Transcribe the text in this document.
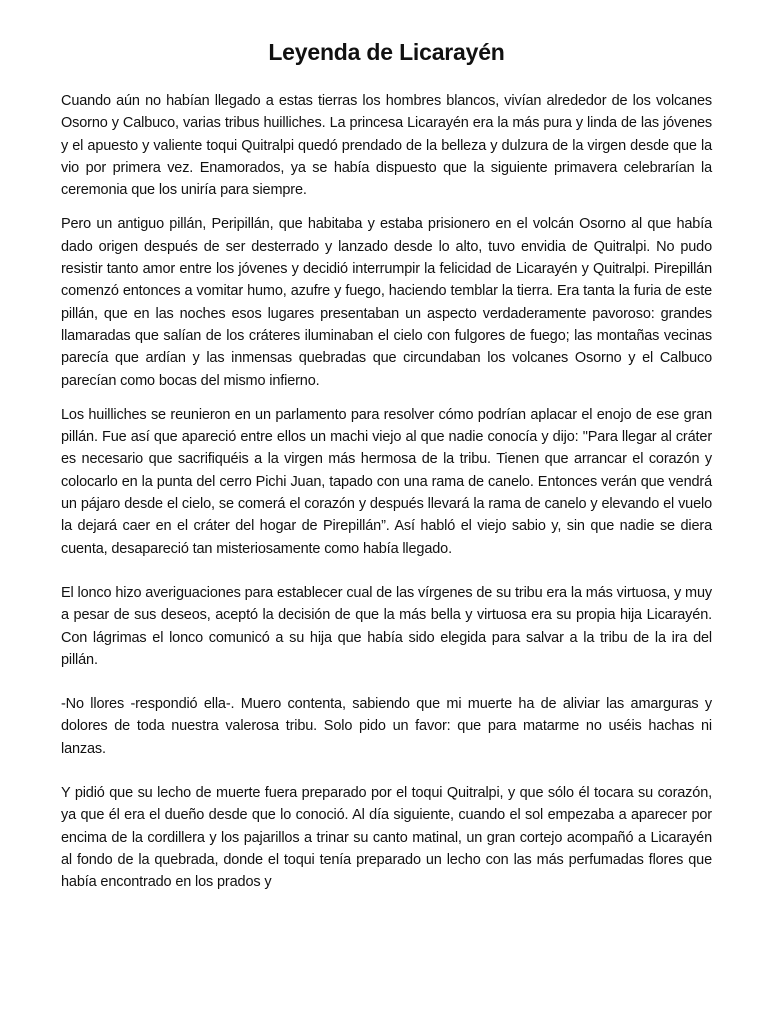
Leyenda de Licarayén

Cuando aún no habían llegado a estas tierras los hombres blancos, vivían alrededor de los volcanes Osorno y Calbuco, varias tribus huilliches. La princesa Licarayén era la más pura y linda de las jóvenes y el apuesto y valiente toqui Quitralpi quedó prendado de la belleza y dulzura de la virgen desde que la vio por primera vez. Enamorados, ya se había dispuesto que la siguiente primavera celebrarían la ceremonia que los uniría para siempre.

Pero un antiguo pillán, Peripillán, que habitaba y estaba prisionero en el volcán Osorno al que había dado origen después de ser desterrado y lanzado desde lo alto, tuvo envidia de Quitralpi. No pudo resistir tanto amor entre los jóvenes y decidió interrumpir la felicidad de Licarayén y Quitralpi. Pirepillán comenzó entonces a vomitar humo, azufre y fuego, haciendo temblar la tierra. Era tanta la furia de este pillán, que en las noches esos lugares presentaban un aspecto verdaderamente pavoroso: grandes llamaradas que salían de los cráteres iluminaban el cielo con fulgores de fuego; las montañas vecinas parecía que ardían y las inmensas quebradas que circundaban los volcanes Osorno y el Calbuco parecían como bocas del mismo infierno.

Los huilliches se reunieron en un parlamento para resolver cómo podrían aplacar el enojo de ese gran pillán. Fue así que apareció entre ellos un machi viejo al que nadie conocía y dijo: "Para llegar al cráter es necesario que sacrifiquéis a la virgen más hermosa de la tribu. Tienen que arrancar el corazón y colocarlo en la punta del cerro Pichi Juan, tapado con una rama de canelo. Entonces verán que vendrá un pájaro desde el cielo, se comerá el corazón y después llevará la rama de canelo y elevando el vuelo la dejará caer en el cráter del hogar de Pirepillán”. Así habló el viejo sabio y, sin que nadie se diera cuenta, desapareció tan misteriosamente como había llegado.

El lonco hizo averiguaciones para establecer cual de las vírgenes de su tribu era la más virtuosa, y muy a pesar de sus deseos, aceptó la decisión de que la más bella y virtuosa era su propia hija Licarayén. Con lágrimas el lonco comunicó a su hija que había sido elegida para salvar a la tribu de la ira del pillán.

-No llores -respondió ella-. Muero contenta, sabiendo que mi muerte ha de aliviar las amarguras y dolores de toda nuestra valerosa tribu. Solo pido un favor: que para matarme no uséis hachas ni lanzas.

Y pidió que su lecho de muerte fuera preparado por el toqui Quitralpi, y que sólo él tocara su corazón, ya que él era el dueño desde que lo conoció. Al día siguiente, cuando el sol empezaba a aparecer por encima de la cordillera y los pajarillos a trinar su canto matinal, un gran cortejo acompañó a Licarayén al fondo de la quebrada, donde el toqui tenía preparado un lecho con las más perfumadas flores que había encontrado en los prados y
